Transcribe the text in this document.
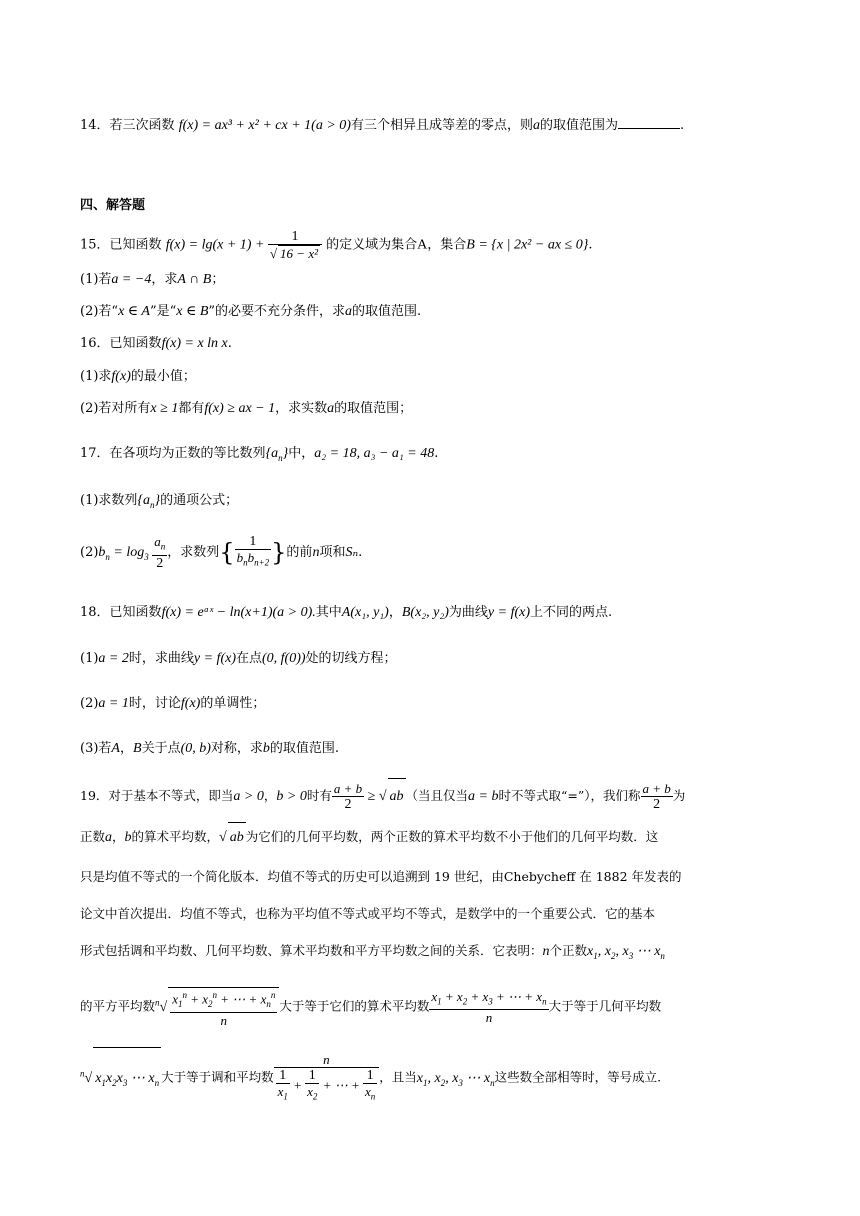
14．若三次函数 f(x) = ax³ + x² + cx + 1(a > 0)有三个相异且成等差的零点，则a的取值范围为	.
四、解答题
15．已知函数 $f(x) = \lg(x + 1) + \frac{1}{\text{√ 16 − x²}}$ 的定义域为集合A，集合B = {x | 2x² − ax ≤ 0}.
(1)若a = −4，求A ∩ B；
(2)若“x ∈ A”是“x ∈ B”的必要不充分条件，求a的取值范围.
16．已知函数f(x) = x ln x.
(1)求f(x)的最小值；
(2)若对所有x ≥ 1都有f(x) ≥ ax − 1，求实数a的取值范围；
17．在各项均为正数的等比数列$\{a_n\}$中，a₂ = 18, a₃ − a₁ = 48.
(1)求数列$\{a_n\}$的通项公式；
$(2)b_n = \log_3 \frac{a_n}{2}$ ，求数列{ $\frac{1}{b_nb_{n+2}}$ }的前n项和Sₙ.
18．已知函数f(x) = eᵃˣ − ln(x+1)(a > 0).其中A(x₁, y₁)，B(x₂, y₂)为曲线y = f(x)上不同的两点.
(1)a = 2时，求曲线y = f(x)在点(0, f(0))处的切线方程；
(2)a = 1时，讨论f(x)的单调性；
(3)若A，B关于点(0, b)对称，求b的取值范围.
19．对于基本不等式，即当a > 0，b > 0时有 $\frac{a + b}{2}$ ≥ √ ab （当且仅当a = b时不等式取“=”），我们称 $\frac{a + b}{2}$ 为
正数a，b的算术平均数，√ ab 为它们的几何平均数，两个正数的算术平均数不小于他们的几何平均数．这
只是均值不等式的一个简化版本．均值不等式的历史可以追溯到 19 世纪，由Chebycheff 在 1882 年发表的
论文中首次提出．均值不等式，也称为平均值不等式或平均不等式，是数学中的一个重要公式．它的基本
形式包括调和平均数、几何平均数、算术平均数和平方平均数之间的关系．它表明：n个正数$x_1$, $x_2$, $x_3$ ⋯ $x_n$
的平方平均数$^n√ \frac{x_1^n + x_2^n + \cdots + x_n^n}{n}$ 大于等于它们的算术平均数 $\frac{x_1 + x_2 + x_3 + \cdots + x_n}{n}$ 大于等于几何平均数
$^n$√ $x_1x_2x_3$ ⋯ $x_n$ 大于等于调和平均数 $\frac{n}{\frac{1}{x_1} + \frac{1}{x_2} + \cdots + \frac{1}{x_n}}$ ，且当$x_1$, $x_2$, $x_3$ ⋯ $x_n$这些数全部相等时，等号成立.
